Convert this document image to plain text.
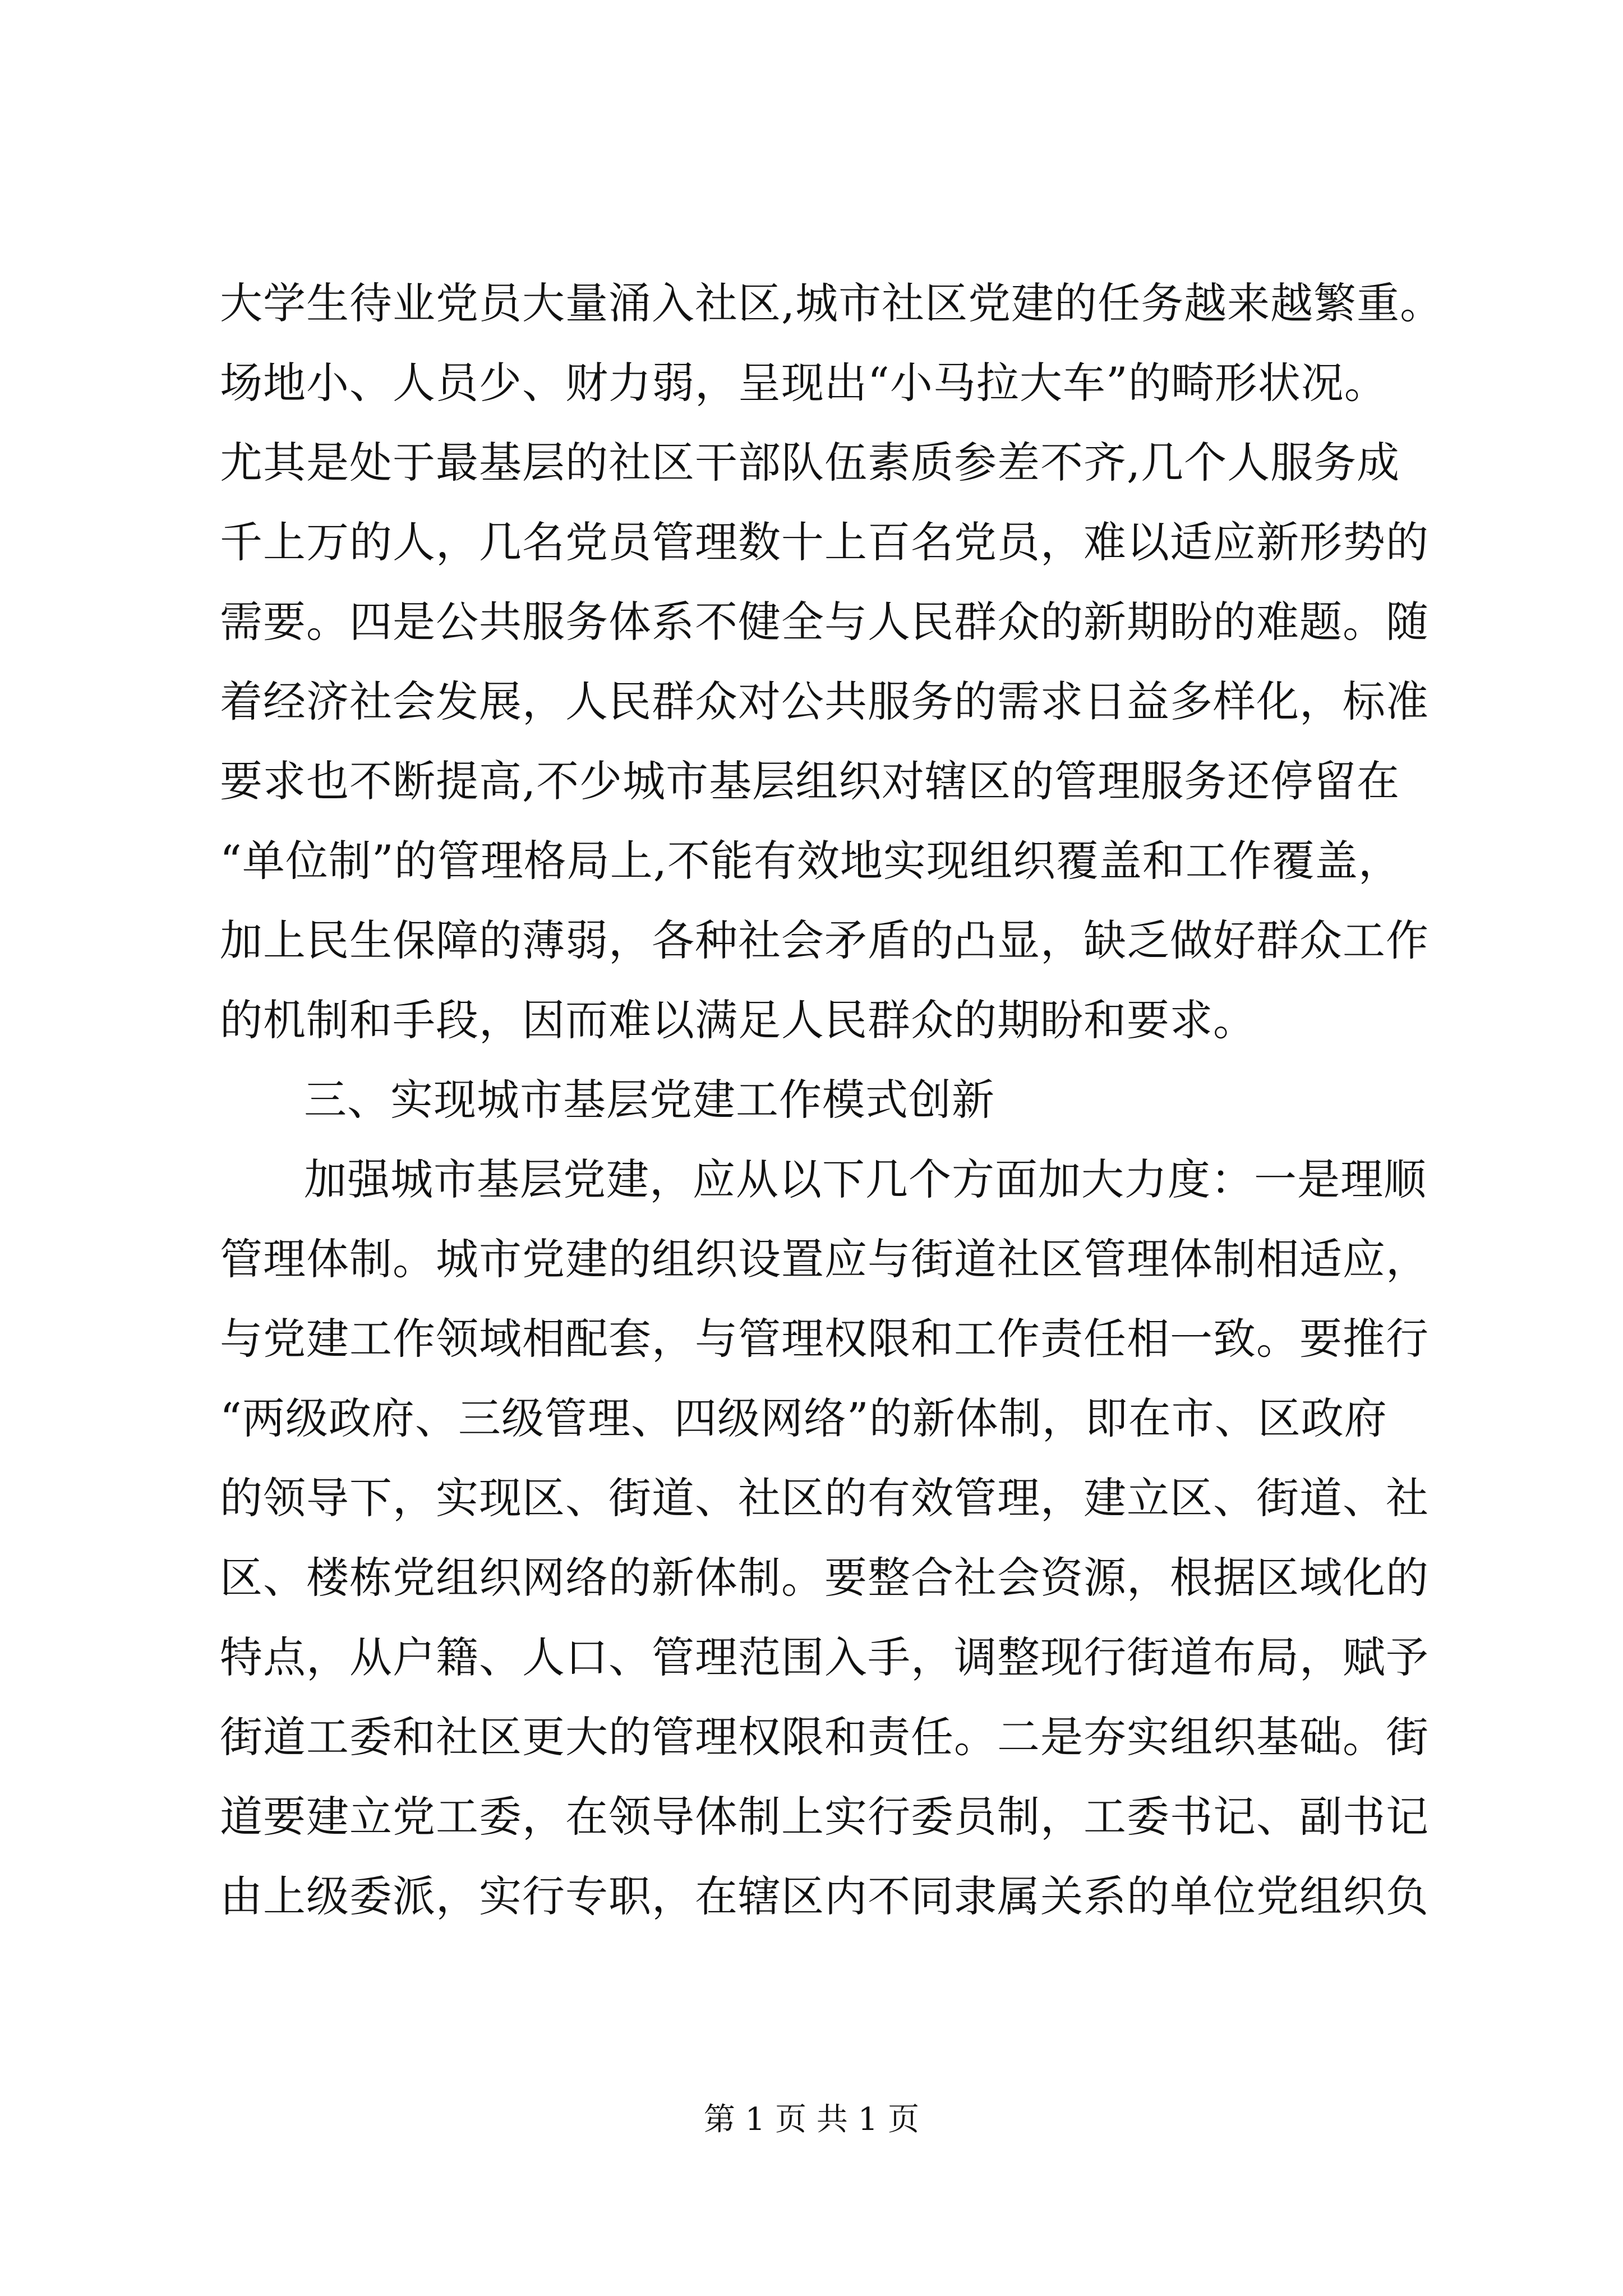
大学生待业党员大量涌入社区,城市社区党建的任务越来越繁重。
场地小、人员少、财力弱，呈现出“小马拉大车”的畸形状况。
尤其是处于最基层的社区干部队伍素质参差不齐,几个人服务成
千上万的人，几名党员管理数十上百名党员，难以适应新形势的
需要。四是公共服务体系不健全与人民群众的新期盼的难题。随
着经济社会发展，人民群众对公共服务的需求日益多样化，标准
要求也不断提高,不少城市基层组织对辖区的管理服务还停留在
“单位制”的管理格局上,不能有效地实现组织覆盖和工作覆盖，
加上民生保障的薄弱，各种社会矛盾的凸显，缺乏做好群众工作
的机制和手段，因而难以满足人民群众的期盼和要求。
三、实现城市基层党建工作模式创新
加强城市基层党建，应从以下几个方面加大力度：一是理顺
管理体制。城市党建的组织设置应与街道社区管理体制相适应，
与党建工作领域相配套，与管理权限和工作责任相一致。要推行
“两级政府、三级管理、四级网络”的新体制，即在市、区政府
的领导下，实现区、街道、社区的有效管理，建立区、街道、社
区、楼栋党组织网络的新体制。要整合社会资源，根据区域化的
特点，从户籍、人口、管理范围入手，调整现行街道布局，赋予
街道工委和社区更大的管理权限和责任。二是夯实组织基础。街
道要建立党工委，在领导体制上实行委员制，工委书记、副书记
由上级委派，实行专职，在辖区内不同隶属关系的单位党组织负
第 1 页 共 1 页
